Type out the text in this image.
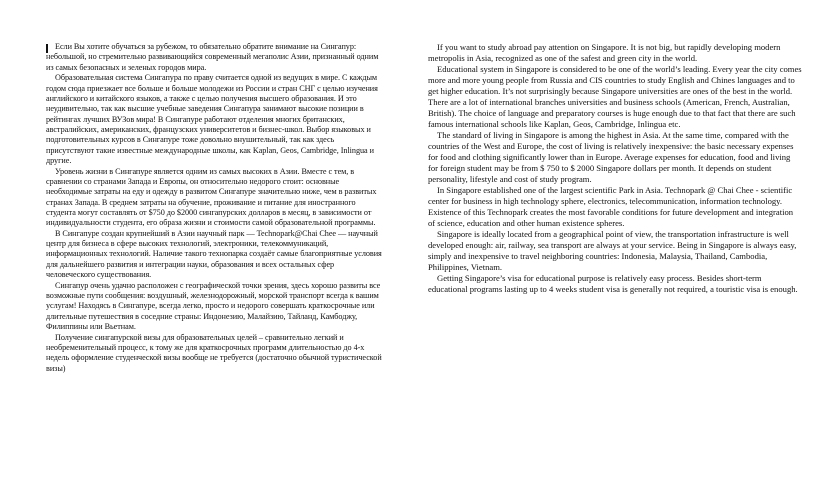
Если Вы хотите обучаться за рубежом, то обязательно обратите внимание на Сингапур: небольшой, но стремительно развивающийся современный мегаполис Азии, признанный одним из самых безопасных и зеленых городов мира.

Образовательная система Сингапура по праву считается одной из ведущих в мире. С каждым годом сюда приезжает все больше и больше молодежи из России и стран СНГ с целью изучения английского и китайского языков, а также с целью получения высшего образования. И это неудивительно, так как высшие учебные заведения Сингапура занимают высокие позиции в рейтингах лучших ВУЗов мира! В Сингапуре работают отделения многих британских, австралийских, американских, французских университетов и бизнес-школ. Выбор языковых и подготовительных курсов в Сингапуре тоже довольно внушительный, так как здесь присутствуют такие известные международные школы, как Kaplan, Geos, Cambridge, Inlingua и другие.

Уровень жизни в Сингапуре является одним из самых высоких в Азии. Вместе с тем, в сравнении со странами Запада и Европы, он относительно недорого стоит: основные необходимые затраты на еду и одежду в развитом Сингапуре значительно ниже, чем в развитых странах Запада. В среднем затраты на обучение, проживание и питание для иностранного студента могут составлять от $750 до $2000 сингапурских долларов в месяц, в зависимости от индивидуальности студента, его образа жизни и стоимости самой образовательной программы.

В Сингапуре создан крупнейший в Азии научный парк — Technopark@Chai Chee — научный центр для бизнеса в сфере высоких технологий, электроники, телекоммуникаций, информационных технологий. Наличие такого технопарка создаёт самые благоприятные условия для дальнейшего развития и интеграции науки, образования и всех остальных сфер человеческого существования.

Сингапур очень удачно расположен с географической точки зрения, здесь хорошо развиты все возможные пути сообщения: воздушный, железнодорожный, морской транспорт всегда к вашим услугам! Находясь в Сингапуре, всегда легко, просто и недорого совершать краткосрочные или длительные путешествия в соседние страны: Индонезию, Малайзию, Тайланд, Камбоджу, Филиппины или Вьетнам.

Получение сингапурской визы для образовательных целей – сравнительно легкий и необременительный процесс, к тому же для краткосрочных программ длительностью до 4-х недель оформление студенческой визы вообще не требуется (достаточно обычной туристической визы)

If you want to study abroad pay attention on Singapore. It is not big, but rapidly developing modern metropolis in Asia, recognized as one of the safest and green city in the world.

Educational system in Singapore is considered to be one of the world’s leading. Every year the city comes more and more young people from Russia and CIS countries to study English and Chines languages and to get higher education. It’s not surprisingly because Singapore universities are ones of the best in the world. There are a lot of international branches universities and business schools (American, French, Australian, British). The choice of language and preparatory courses is huge enough due to that fact that there are such famous international schools like Kaplan, Geos, Cambridge, Inlingua etc.

The standard of living in Singapore is among the highest in Asia. At the same time, compared with the countries of the West and Europe, the cost of living is relatively inexpensive: the basic necessary expenses for food and clothing significantly lower than in Europe. Average expenses for education, food and living for foreign student may be from $ 750 to $ 2000 Singapore dollars per month. It depends on student personality, lifestyle and cost of study program.

In Singapore established one of the largest scientific Park in Asia. Technopark @ Chai Chee - scientific center for business in high technology sphere, electronics, telecommunication, information technology. Existence of this Technopark creates the most favorable conditions for future development and integration of science, education and other human existence spheres.

Singapore is ideally located from a geographical point of view, the transportation infrastructure is well developed enough: air, railway, sea transport are always at your service. Being in Singapore is always easy, simply and inexpensive to travel neighboring countries: Indonesia, Malaysia, Thailand, Cambodia, Philippines, Vietnam.

Getting Singapore’s visa for educational purpose is relatively easy process. Besides short-term educational programs lasting up to 4 weeks student visa is generally not required, a touristic visa is enough.
